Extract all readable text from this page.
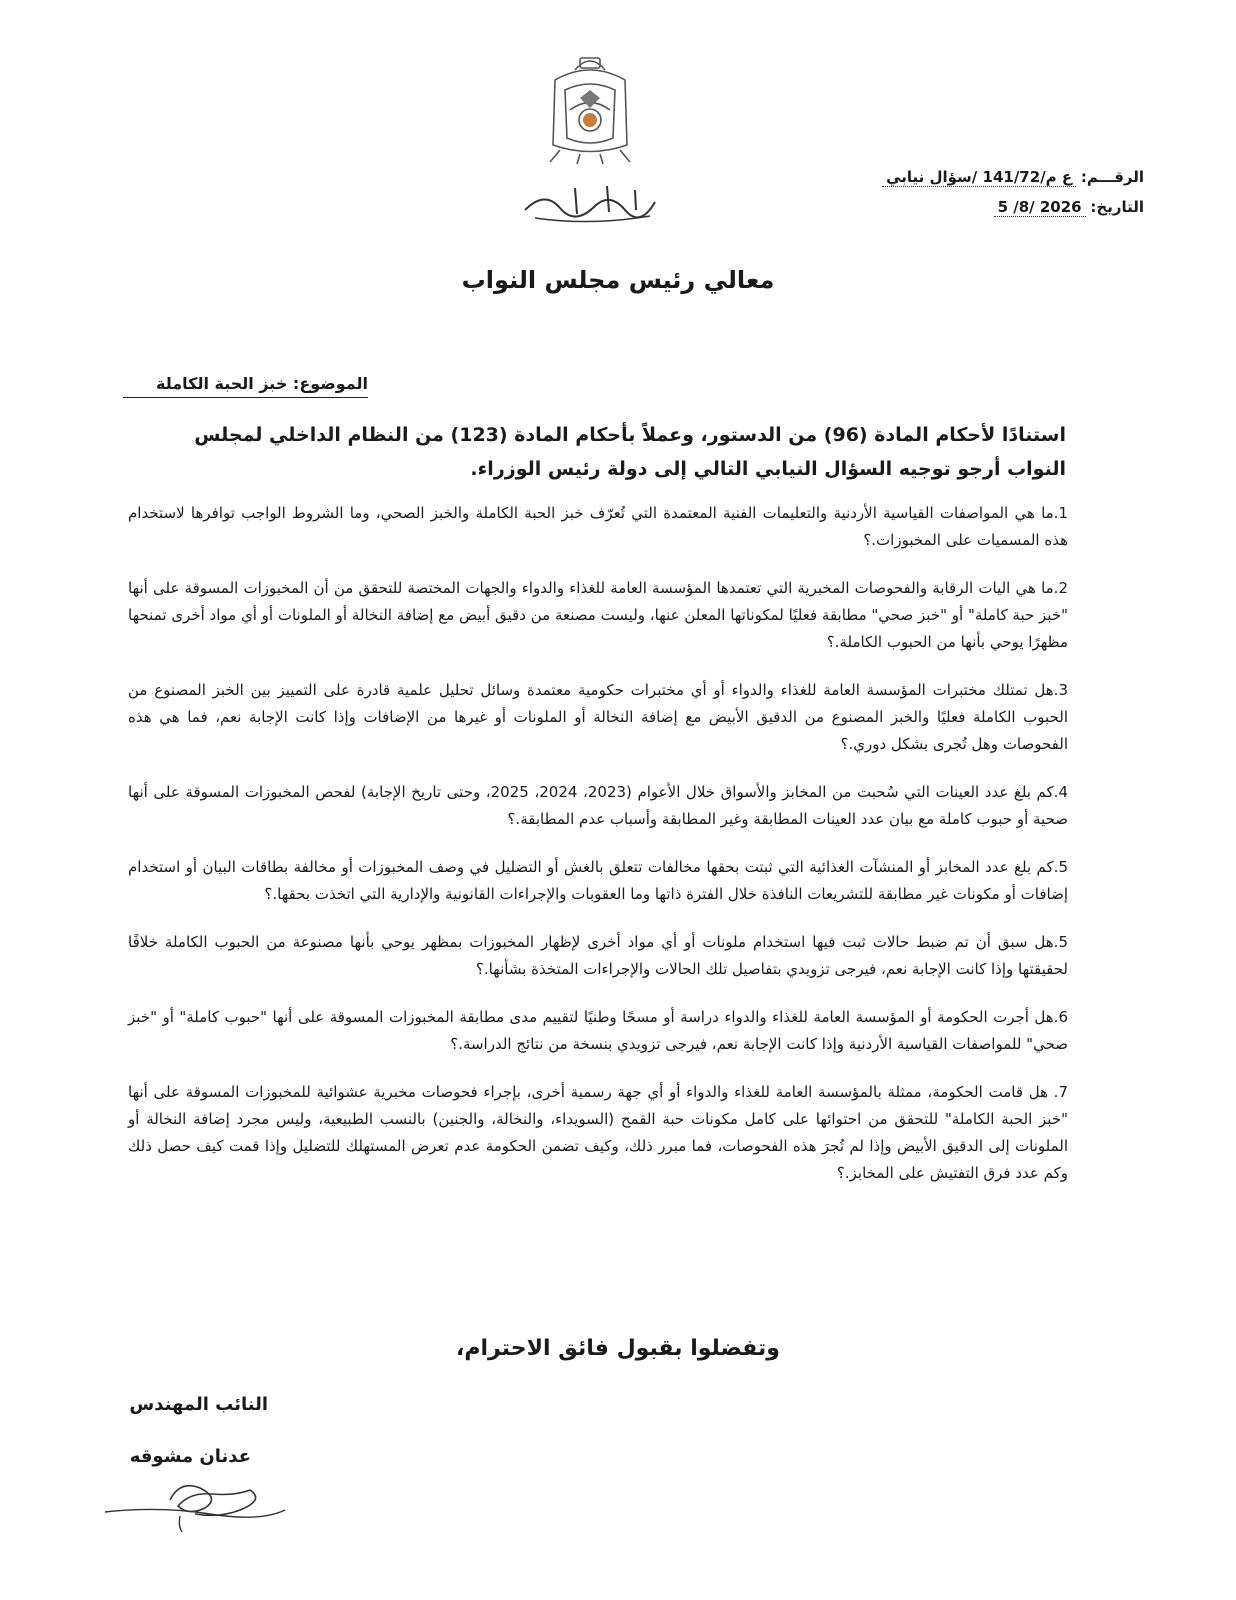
الرقـــم: ع م/141/72 /سؤال نيابي
التاريخ: 2026 /8/ 5
معالي رئيس مجلس النواب
الموضوع: خبز الحبة الكاملة

استنادًا لأحكام المادة (96) من الدستور، وعملاً بأحكام المادة (123) من النظام الداخلي لمجلس النواب أرجو توجيه السؤال النيابي التالي إلى دولة رئيس الوزراء.

1.ما هي المواصفات القياسية الأردنية والتعليمات الفنية المعتمدة التي تُعرّف خبز الحبة الكاملة والخبز الصحي، وما الشروط الواجب توافرها لاستخدام هذه المسميات على المخبوزات.؟
2.ما هي اليات الرقابة والفحوصات المخبرية التي تعتمدها المؤسسة العامة للغذاء والدواء والجهات المختصة للتحقق من أن المخبوزات المسوقة على أنها "خبز حبة كاملة" أو "خبز صحي" مطابقة فعليًا لمكوناتها المعلن عنها، وليست مصنعة من دقيق أبيض مع إضافة النخالة أو الملونات أو أي مواد أخرى تمنحها مظهرًا يوحي بأنها من الحبوب الكاملة.؟
3.هل تمتلك مختبرات المؤسسة العامة للغذاء والدواء أو أي مختبرات حكومية معتمدة وسائل تحليل علمية قادرة على التمييز بين الخبز المصنوع من الحبوب الكاملة فعليًا والخبز المصنوع من الدقيق الأبيض مع إضافة النخالة أو الملونات أو غيرها من الإضافات وإذا كانت الإجابة نعم، فما هي هذه الفحوصات وهل تُجرى بشكل دوري.؟
4.كم بلغ عدد العينات التي سُحبت من المخابز والأسواق خلال الأعوام (2023، 2024، 2025، وحتى تاريخ الإجابة) لفحص المخبوزات المسوقة على أنها صحية أو حبوب كاملة مع بيان عدد العينات المطابقة وغير المطابقة وأسباب عدم المطابقة.؟
5.كم بلغ عدد المخابز أو المنشآت الغذائية التي ثبتت بحقها مخالفات تتعلق بالغش أو التضليل في وصف المخبوزات أو مخالفة بطاقات البيان أو استخدام إضافات أو مكونات غير مطابقة للتشريعات النافذة خلال الفترة ذاتها وما العقوبات والإجراءات القانونية والإدارية التي اتخذت بحقها.؟
5.هل سبق أن تم ضبط حالات ثبت فيها استخدام ملونات أو أي مواد أخرى لإظهار المخبوزات بمظهر يوحي بأنها مصنوعة من الحبوب الكاملة خلافًا لحقيقتها وإذا كانت الإجابة نعم، فيرجى تزويدي بتفاصيل تلك الحالات والإجراءات المتخذة بشأنها.؟
6.هل أجرت الحكومة أو المؤسسة العامة للغذاء والدواء دراسة أو مسحًا وطنيًا لتقييم مدى مطابقة المخبوزات المسوقة على أنها "حبوب كاملة" أو "خبز صحي" للمواصفات القياسية الأردنية وإذا كانت الإجابة نعم، فيرجى تزويدي بنسخة من نتائج الدراسة.؟
7. هل قامت الحكومة، ممثلة بالمؤسسة العامة للغذاء والدواء أو أي جهة رسمية أخرى، بإجراء فحوصات مخبرية عشوائية للمخبوزات المسوقة على أنها "خبز الحبة الكاملة" للتحقق من احتوائها على كامل مكونات حبة القمح (السويداء، والنخالة، والجنين) بالنسب الطبيعية، وليس مجرد إضافة النخالة أو الملونات إلى الدقيق الأبيض وإذا لم تُجرَ هذه الفحوصات، فما مبرر ذلك، وكيف تضمن الحكومة عدم تعرض المستهلك للتضليل وإذا قمت كيف حصل ذلك وكم عدد فرق التفتيش على المخابز.؟
وتفضلوا بقبول فائق الاحترام،
النائب المهندس
عدنان مشوقه
